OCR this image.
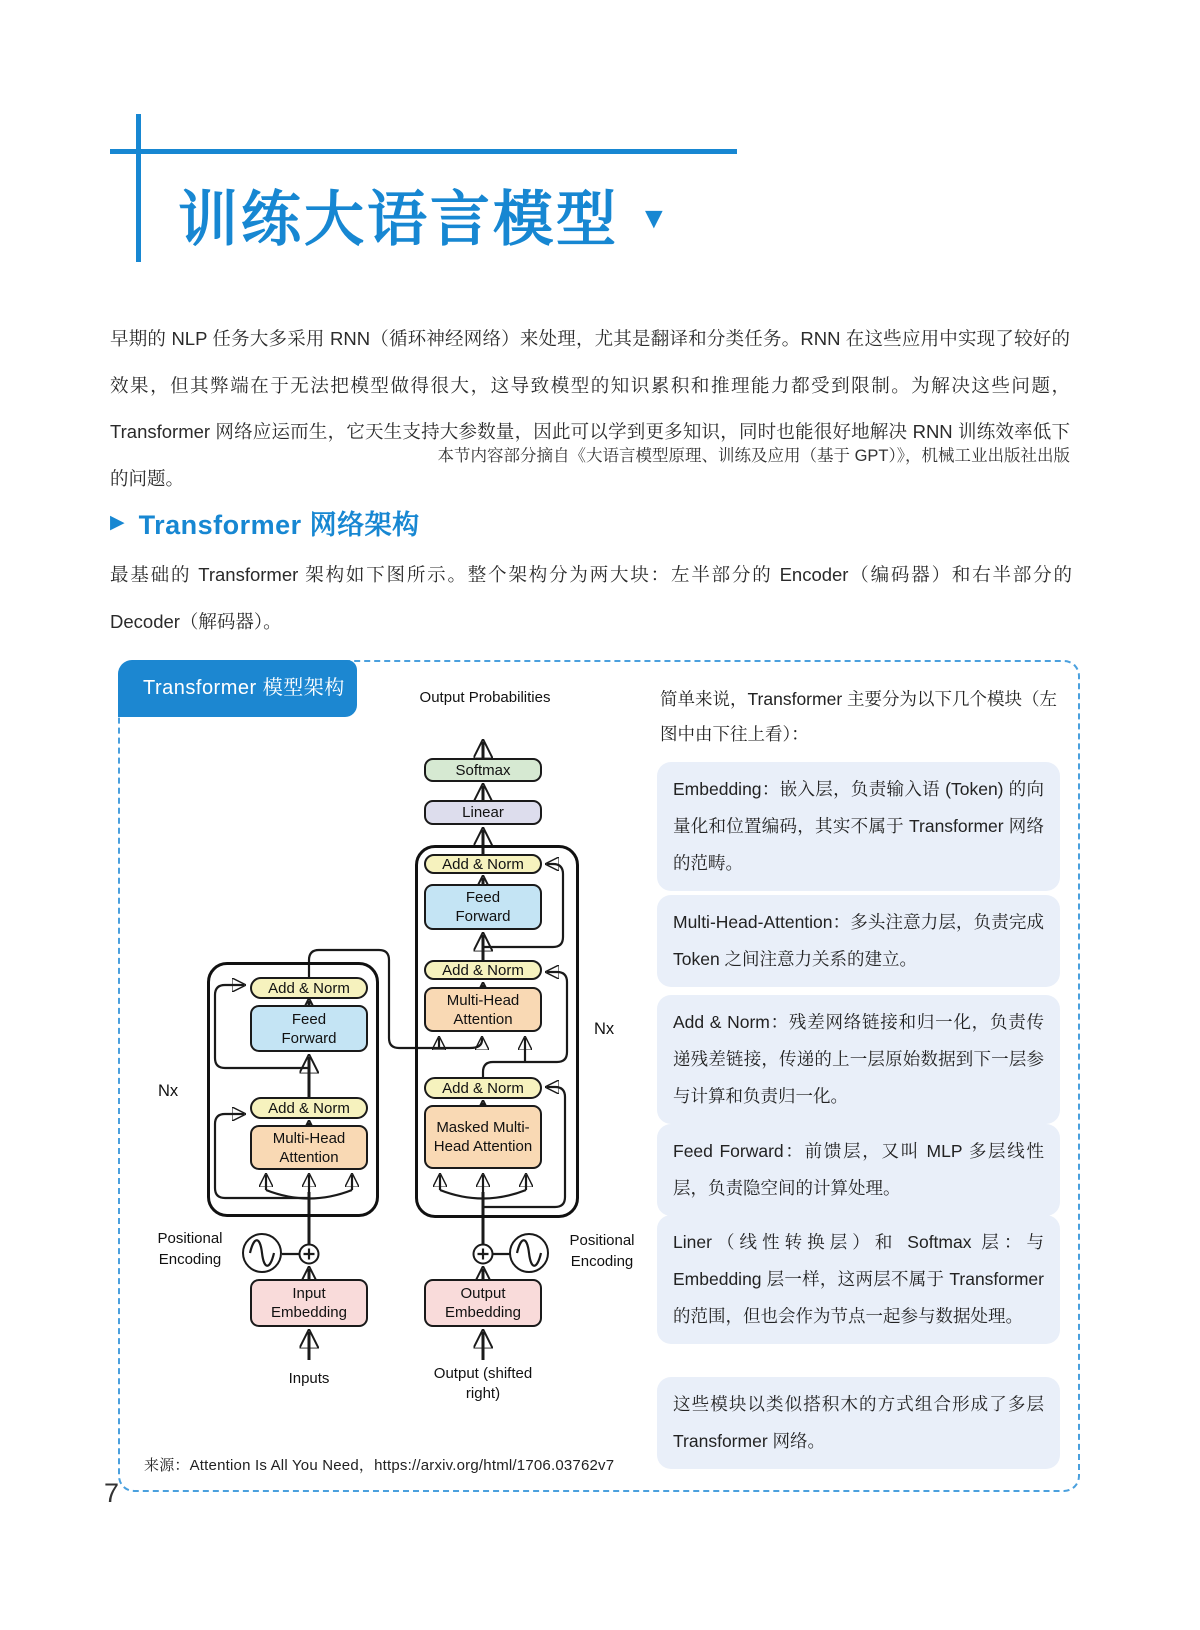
训练大语言模型 ▼

早期的 NLP 任务大多采用 RNN（循环神经网络）来处理，尤其是翻译和分类任务。RNN 在这些应用中实现了较好的效果，但其弊端在于无法把模型做得很大，这导致模型的知识累积和推理能力都受到限制。为解决这些问题，Transformer 网络应运而生，它天生支持大参数量，因此可以学到更多知识，同时也能很好地解决 RNN 训练效率低下的问题。

本节内容部分摘自《大语言模型原理、训练及应用（基于 GPT）》，机械工业出版社出版

▶ Transformer 网络架构

最基础的 Transformer 架构如下图所示。整个架构分为两大块：左半部分的 Encoder（编码器）和右半部分的 Decoder（解码器）。

Transformer 模型架构	Output Probabilities
Softmax
Linear
Add & Norm
Feed Forward
Add & Norm
Multi-Head Attention
Add & Norm
Masked Multi-Head Attention
Add & Norm
Feed Forward
Add & Norm
Multi-Head Attention
Nx
Nx
Positional Encoding
Positional Encoding
Input Embedding
Output Embedding
Inputs	Output (shifted right)
来源：Attention Is All You Need，https://arxiv.org/html/1706.03762v7
简单来说，Transformer 主要分为以下几个模块（左图中由下往上看）：
Embedding：嵌入层，负责输入语 (Token) 的向量化和位置编码，其实不属于 Transformer 网络的范畴。
Multi-Head-Attention：多头注意力层，负责完成 Token 之间注意力关系的建立。
Add & Norm：残差网络链接和归一化，负责传递残差链接，传递的上一层原始数据到下一层参与计算和负责归一化。
Feed Forward：前馈层，又叫 MLP 多层线性层，负责隐空间的计算处理。
Liner（线性转换层）和 Softmax 层：与 Embedding 层一样，这两层不属于 Transformer 的范围，但也会作为节点一起参与数据处理。
这些模块以类似搭积木的方式组合形成了多层 Transformer 网络。
7
